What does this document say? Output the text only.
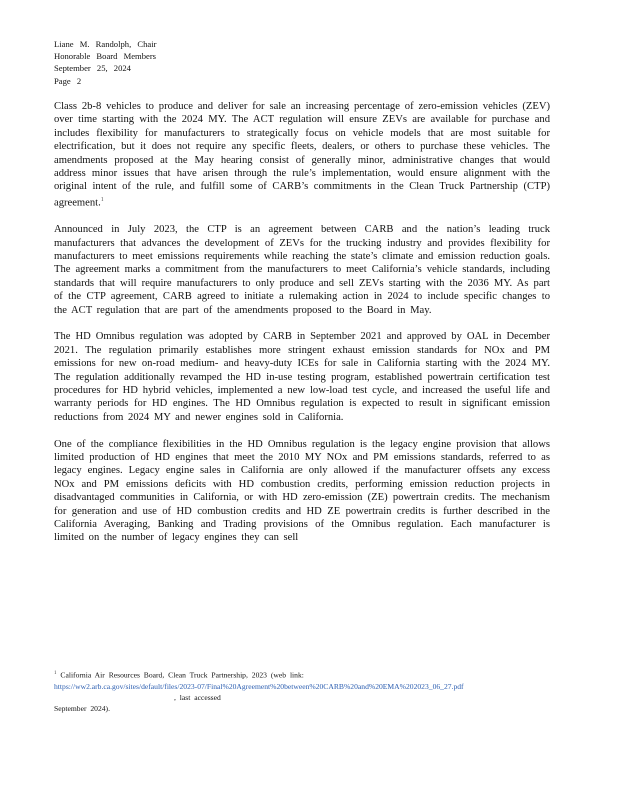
Liane M. Randolph, Chair
Honorable Board Members
September 25, 2024
Page 2

Class 2b-8 vehicles to produce and deliver for sale an increasing percentage of zero-emission vehicles (ZEV) over time starting with the 2024 MY. The ACT regulation will ensure ZEVs are available for purchase and includes flexibility for manufacturers to strategically focus on vehicle models that are most suitable for electrification, but it does not require any specific fleets, dealers, or others to purchase these vehicles. The amendments proposed at the May hearing consist of generally minor, administrative changes that would address minor issues that have arisen through the rule’s implementation, would ensure alignment with the original intent of the rule, and fulfill some of CARB’s commitments in the Clean Truck Partnership (CTP) agreement.$^1$

Announced in July 2023, the CTP is an agreement between CARB and the nation’s leading truck manufacturers that advances the development of ZEVs for the trucking industry and provides flexibility for manufacturers to meet emissions requirements while reaching the state’s climate and emission reduction goals. The agreement marks a commitment from the manufacturers to meet California’s vehicle standards, including standards that will require manufacturers to only produce and sell ZEVs starting with the 2036 MY. As part of the CTP agreement, CARB agreed to initiate a rulemaking action in 2024 to include specific changes to the ACT regulation that are part of the amendments proposed to the Board in May.

The HD Omnibus regulation was adopted by CARB in September 2021 and approved by OAL in December 2021. The regulation primarily establishes more stringent exhaust emission standards for NOx and PM emissions for new on-road medium- and heavy-duty ICEs for sale in California starting with the 2024 MY. The regulation additionally revamped the HD in-use testing program, established powertrain certification test procedures for HD hybrid vehicles, implemented a new low-load test cycle, and increased the useful life and warranty periods for HD engines. The HD Omnibus regulation is expected to result in significant emission reductions from 2024 MY and newer engines sold in California.

One of the compliance flexibilities in the HD Omnibus regulation is the legacy engine provision that allows limited production of HD engines that meet the 2010 MY NOx and PM emissions standards, referred to as legacy engines. Legacy engine sales in California are only allowed if the manufacturer offsets any excess NOx and PM emissions deficits with HD combustion credits, performing emission reduction projects in disadvantaged communities in California, or with HD zero-emission (ZE) powertrain credits. The mechanism for generation and use of HD combustion credits and HD ZE powertrain credits is further described in the California Averaging, Banking and Trading provisions of the Omnibus regulation. Each manufacturer is limited on the number of legacy engines they can sell

$^1$ California Air Resources Board, Clean Truck Partnership, 2023 (web link:
https://ww2.arb.ca.gov/sites/default/files/2023-07/Final%20Agreement%20between%20CARB%20and%20EMA%202023_06_27.pdf
, last accessed
September 2024).
